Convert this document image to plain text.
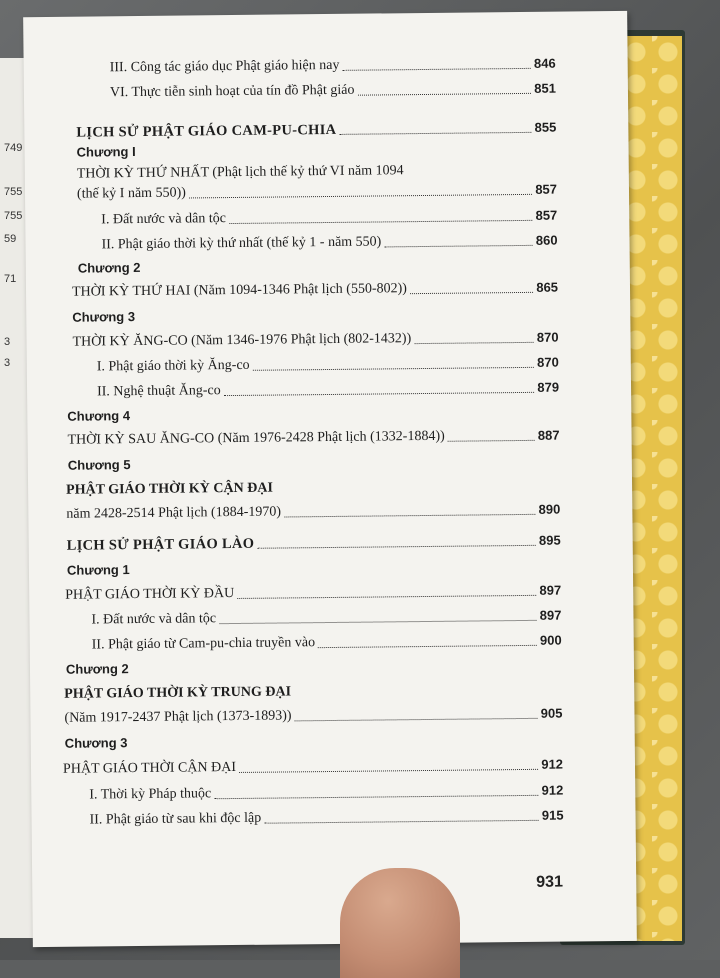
749
755
755
59
71
3
3
III. Công tác giáo dục Phật giáo hiện nay	846
VI. Thực tiễn sinh hoạt của tín đồ Phật giáo	851
LỊCH SỬ PHẬT GIÁO CAM-PU-CHIA	855
Chương I
THỜI KỲ THỨ NHẤT (Phật lịch thế kỷ thứ VI năm 1094
(thế kỷ I năm 550))	857
I. Đất nước và dân tộc	857
II. Phật giáo thời kỳ thứ nhất (thế kỷ 1 - năm 550)	860
Chương 2
THỜI KỲ THỨ HAI (Năm 1094-1346 Phật lịch (550-802))	865
Chương 3
THỜI KỲ ĂNG-CO (Năm 1346-1976 Phật lịch (802-1432))	870
I. Phật giáo thời kỳ Ăng-co	870
II. Nghệ thuật Ăng-co	879
Chương 4
THỜI KỲ SAU ĂNG-CO (Năm 1976-2428 Phật lịch (1332-1884))	887
Chương 5
PHẬT GIÁO THỜI KỲ CẬN ĐẠI
năm 2428-2514 Phật lịch (1884-1970)	890
LỊCH SỬ PHẬT GIÁO LÀO	895
Chương 1
PHẬT GIÁO THỜI KỲ ĐẦU	897
I. Đất nước và dân tộc	897
II. Phật giáo từ Cam-pu-chia truyền vào	900
Chương 2
PHẬT GIÁO THỜI KỲ TRUNG ĐẠI
(Năm 1917-2437 Phật lịch (1373-1893))	905
Chương 3
PHẬT GIÁO THỜI CẬN ĐẠI	912
I. Thời kỳ Pháp thuộc	912
II. Phật giáo từ sau khi độc lập	915
931
